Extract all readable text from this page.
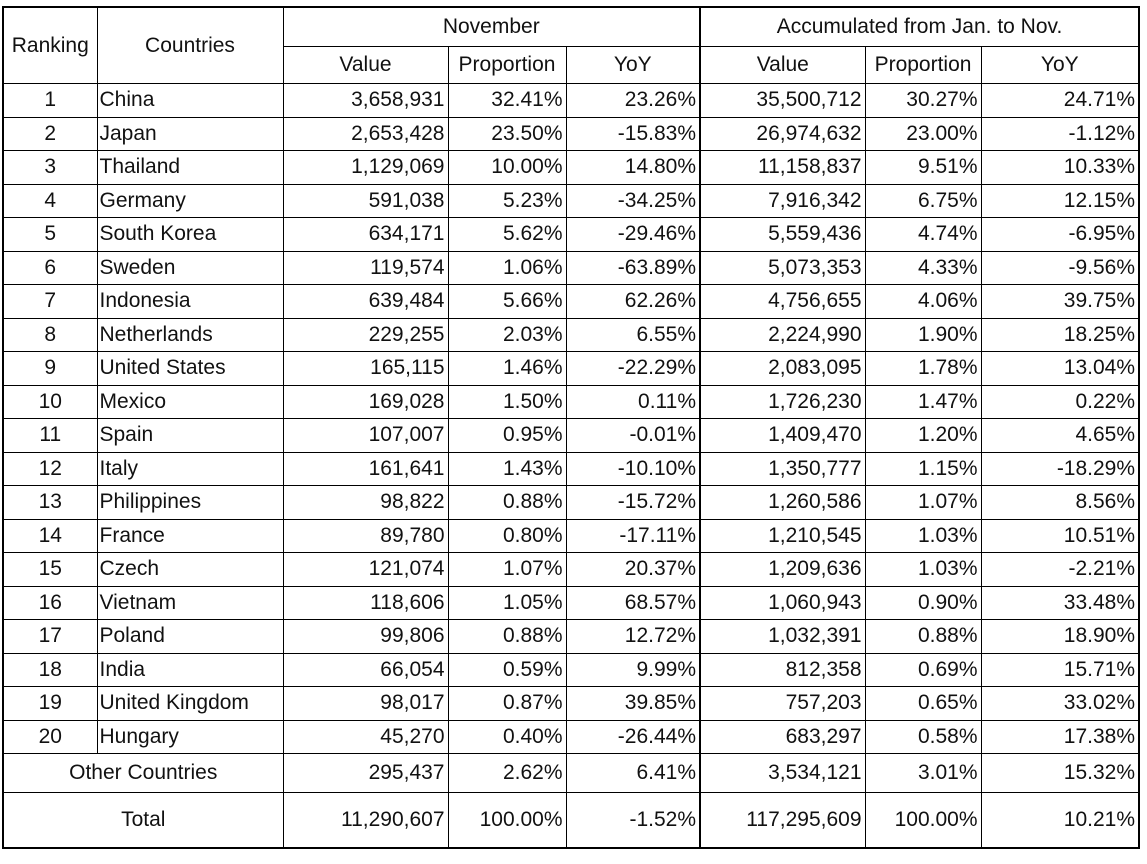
Ranking	Countries	November			Accumulated from Jan. to Nov.		
		Value	Proportion	YoY	Value	Proportion	YoY
1	China	3,658,931	32.41%	23.26%	35,500,712	30.27%	24.71%
2	Japan	2,653,428	23.50%	-15.83%	26,974,632	23.00%	-1.12%
3	Thailand	1,129,069	10.00%	14.80%	11,158,837	9.51%	10.33%
4	Germany	591,038	5.23%	-34.25%	7,916,342	6.75%	12.15%
5	South Korea	634,171	5.62%	-29.46%	5,559,436	4.74%	-6.95%
6	Sweden	119,574	1.06%	-63.89%	5,073,353	4.33%	-9.56%
7	Indonesia	639,484	5.66%	62.26%	4,756,655	4.06%	39.75%
8	Netherlands	229,255	2.03%	6.55%	2,224,990	1.90%	18.25%
9	United States	165,115	1.46%	-22.29%	2,083,095	1.78%	13.04%
10	Mexico	169,028	1.50%	0.11%	1,726,230	1.47%	0.22%
11	Spain	107,007	0.95%	-0.01%	1,409,470	1.20%	4.65%
12	Italy	161,641	1.43%	-10.10%	1,350,777	1.15%	-18.29%
13	Philippines	98,822	0.88%	-15.72%	1,260,586	1.07%	8.56%
14	France	89,780	0.80%	-17.11%	1,210,545	1.03%	10.51%
15	Czech	121,074	1.07%	20.37%	1,209,636	1.03%	-2.21%
16	Vietnam	118,606	1.05%	68.57%	1,060,943	0.90%	33.48%
17	Poland	99,806	0.88%	12.72%	1,032,391	0.88%	18.90%
18	India	66,054	0.59%	9.99%	812,358	0.69%	15.71%
19	United Kingdom	98,017	0.87%	39.85%	757,203	0.65%	33.02%
20	Hungary	45,270	0.40%	-26.44%	683,297	0.58%	17.38%
Other Countries		295,437	2.62%	6.41%	3,534,121	3.01%	15.32%
Total		11,290,607	100.00%	-1.52%	117,295,609	100.00%	10.21%
